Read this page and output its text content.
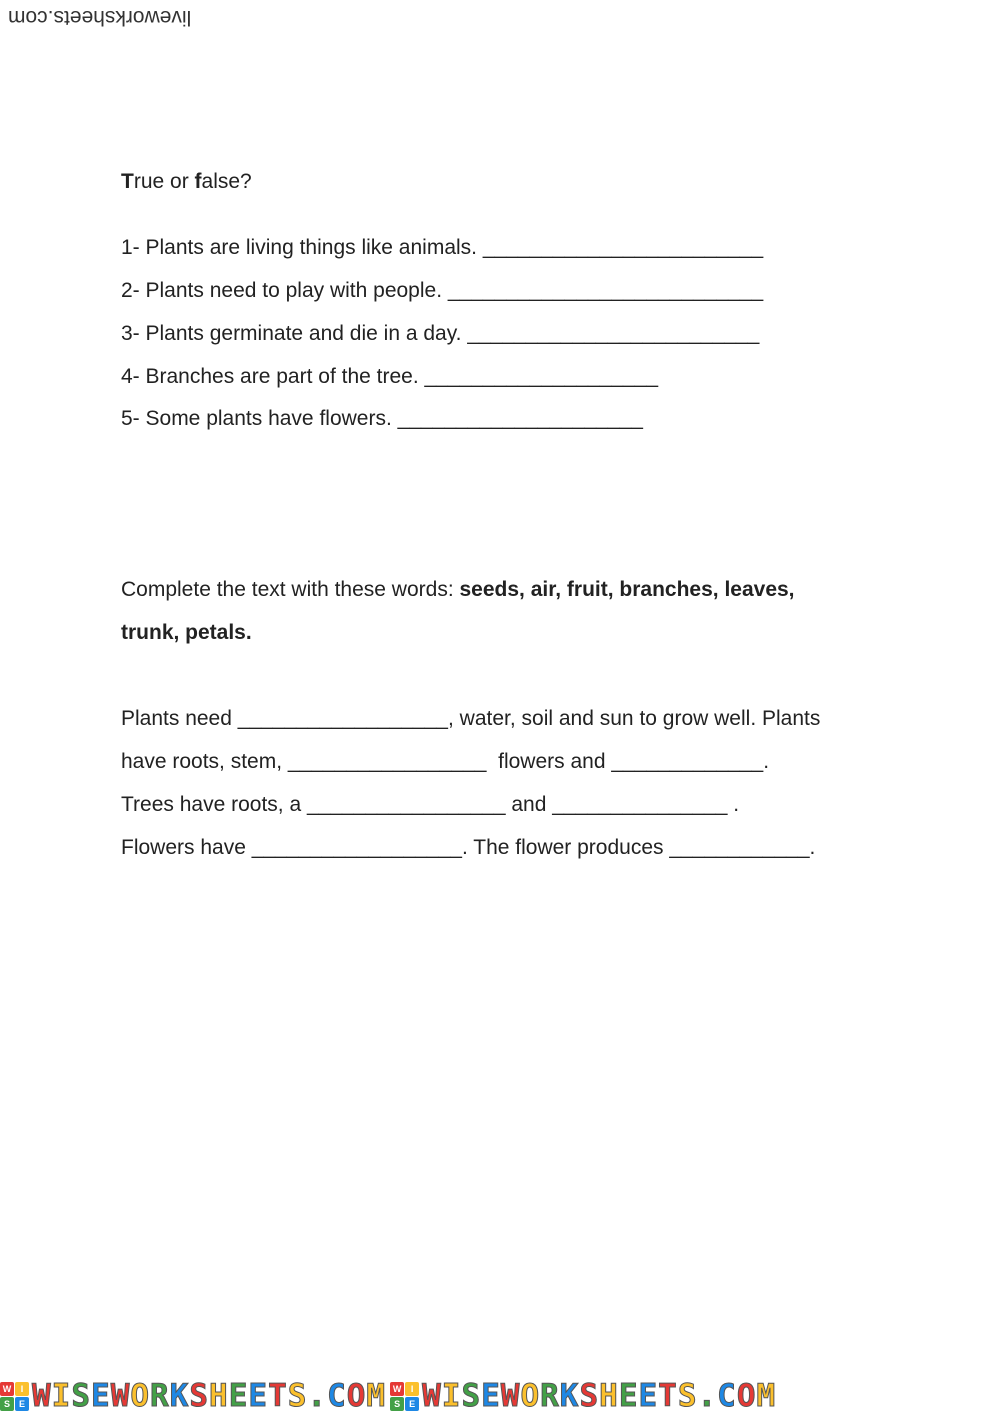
liveworksheets.com
True or false?
1- Plants are living things like animals. ________________________
2- Plants need to play with people. ___________________________
3- Plants germinate and die in a day. _________________________
4- Branches are part of the tree. ____________________
5- Some plants have flowers. _____________________
Complete the text with these words: seeds, air, fruit, branches, leaves,
trunk, petals.
Plants need __________________, water, soil and sun to grow well. Plants
have roots, stem, _________________  flowers and _____________.
Trees have roots, a _________________ and _______________ .
Flowers have __________________. The flower produces ____________.
W	I
S E WISEWORKSHEETS.COM W	I
S E WISEWORKSHEETS.COM
